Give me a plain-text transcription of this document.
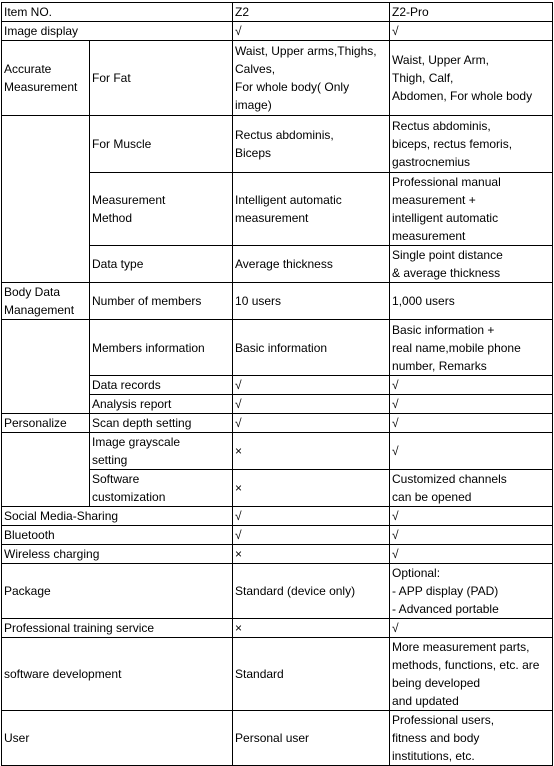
Item NO.		Z2	Z2-Pro
Image display		√	√
Accurate Measurement	For Fat	Waist, Upper arms,Thighs,
Calves,
For whole body( Only
image)	Waist, Upper Arm,
Thigh, Calf,
Abdomen, For whole body

	For Muscle	Rectus abdominis,
Biceps	Rectus abdominis,
biceps, rectus femoris,
gastrocnemius

	Measurement
Method	Intelligent automatic
measurement	Professional manual
measurement +
intelligent automatic
measurement

	Data type	Average thickness	Single point distance
& average thickness

Body Data
Management	Number of members	10 users	1,000 users
	Members information	Basic information	Basic information +
real name,mobile phone
number, Remarks

	Data records	√	√
	Analysis report	√	√
Personalize	Scan depth setting	√	√

	Image grayscale
setting	×	√

	Software
customization	×	Customized channels
can be opened

Social Media-Sharing		√	√
Bluetooth		√	√
Wireless charging		×	√
Package		Standard (device only)	Optional:
- APP display (PAD)
- Advanced portable

Professional training service		×	√
software development		Standard	More measurement parts,
methods, functions, etc. are
being developed
and updated

User		Personal user	Professional users,
fitness and body
institutions, etc.
